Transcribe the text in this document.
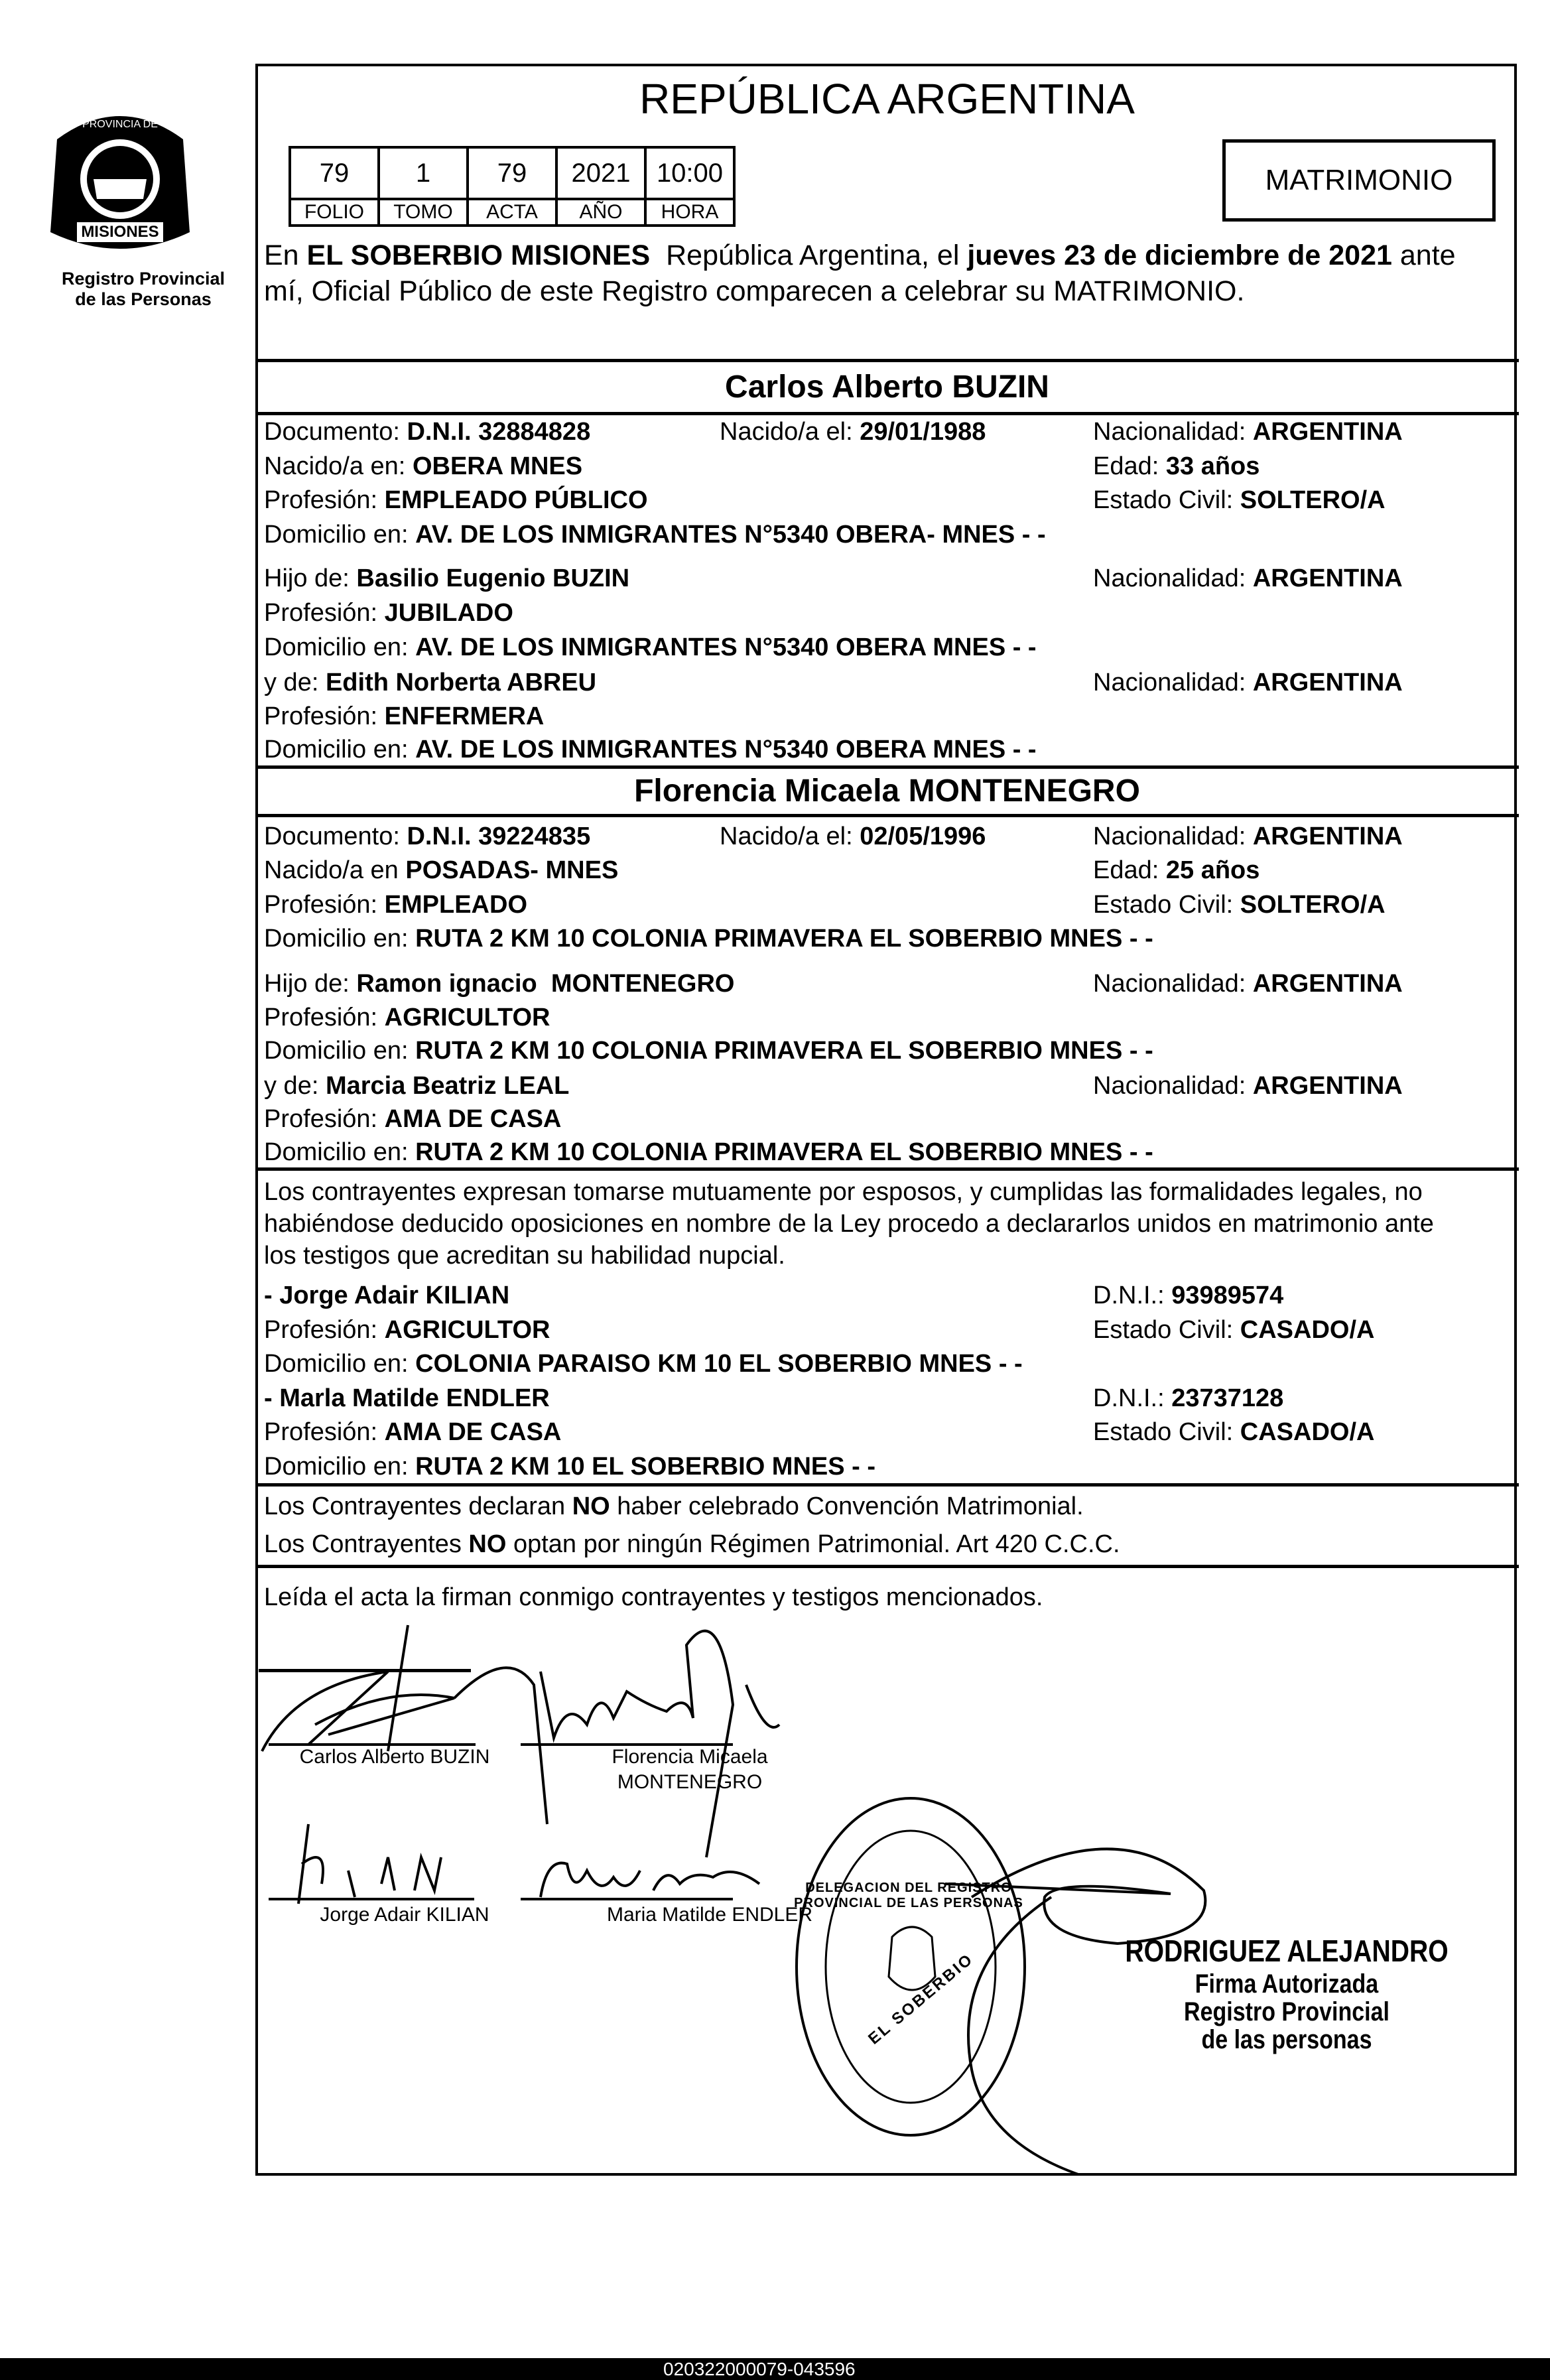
MISIONES
PROVINCIA DE
Registro Provincial
de las Personas
REPÚBLICA ARGENTINA
79	1	79	2021	10:00
FOLIO	TOMO	ACTA	AÑO	HORA
MATRIMONIO
En EL SOBERBIO MISIONES  República Argentina, el jueves 23 de diciembre de 2021 ante
mí, Oficial Público de este Registro comparecen a celebrar su MATRIMONIO.
Carlos Alberto BUZIN
Documento: D.N.I. 32884828	Nacido/a el: 29/01/1988	Nacionalidad: ARGENTINA
Nacido/a en: OBERA MNES	Edad: 33 años
Profesión: EMPLEADO PÚBLICO	Estado Civil: SOLTERO/A
Domicilio en: AV. DE LOS INMIGRANTES N°5340 OBERA- MNES - -
Hijo de: Basilio Eugenio BUZIN	Nacionalidad: ARGENTINA
Profesión: JUBILADO
Domicilio en: AV. DE LOS INMIGRANTES N°5340 OBERA MNES - -
y de: Edith Norberta ABREU	Nacionalidad: ARGENTINA
Profesión: ENFERMERA
Domicilio en: AV. DE LOS INMIGRANTES N°5340 OBERA MNES - -
Florencia Micaela MONTENEGRO
Documento: D.N.I. 39224835	Nacido/a el: 02/05/1996	Nacionalidad: ARGENTINA
Nacido/a en POSADAS- MNES	Edad: 25 años
Profesión: EMPLEADO	Estado Civil: SOLTERO/A
Domicilio en: RUTA 2 KM 10 COLONIA PRIMAVERA EL SOBERBIO MNES - -
Hijo de: Ramon ignacio  MONTENEGRO	Nacionalidad: ARGENTINA
Profesión: AGRICULTOR
Domicilio en: RUTA 2 KM 10 COLONIA PRIMAVERA EL SOBERBIO MNES - -
y de: Marcia Beatriz LEAL	Nacionalidad: ARGENTINA
Profesión: AMA DE CASA
Domicilio en: RUTA 2 KM 10 COLONIA PRIMAVERA EL SOBERBIO MNES - -
Los contrayentes expresan tomarse mutuamente por esposos, y cumplidas las formalidades legales, no
habiéndose deducido oposiciones en nombre de la Ley procedo a declararlos unidos en matrimonio ante
los testigos que acreditan su habilidad nupcial.
- Jorge Adair KILIAN	D.N.I.: 93989574
Profesión: AGRICULTOR	Estado Civil: CASADO/A
Domicilio en: COLONIA PARAISO KM 10 EL SOBERBIO MNES - -
- Marla Matilde ENDLER	D.N.I.: 23737128
Profesión: AMA DE CASA	Estado Civil: CASADO/A
Domicilio en: RUTA 2 KM 10 EL SOBERBIO MNES - -
Los Contrayentes declaran NO haber celebrado Convención Matrimonial.
Los Contrayentes NO optan por ningún Régimen Patrimonial. Art 420 C.C.C.
Leída el acta la firman conmigo contrayentes y testigos mencionados.
EL SOBERBIO
DELEGACION DEL REGISTRO PROVINCIAL DE LAS PERSONAS
Carlos Alberto BUZIN	Florencia Micaela
MONTENEGRO
Jorge Adair KILIAN	Maria Matilde ENDLER
RODRIGUEZ ALEJANDRO
Firma Autorizada
Registro Provincial
de las personas
020322000079-043596
